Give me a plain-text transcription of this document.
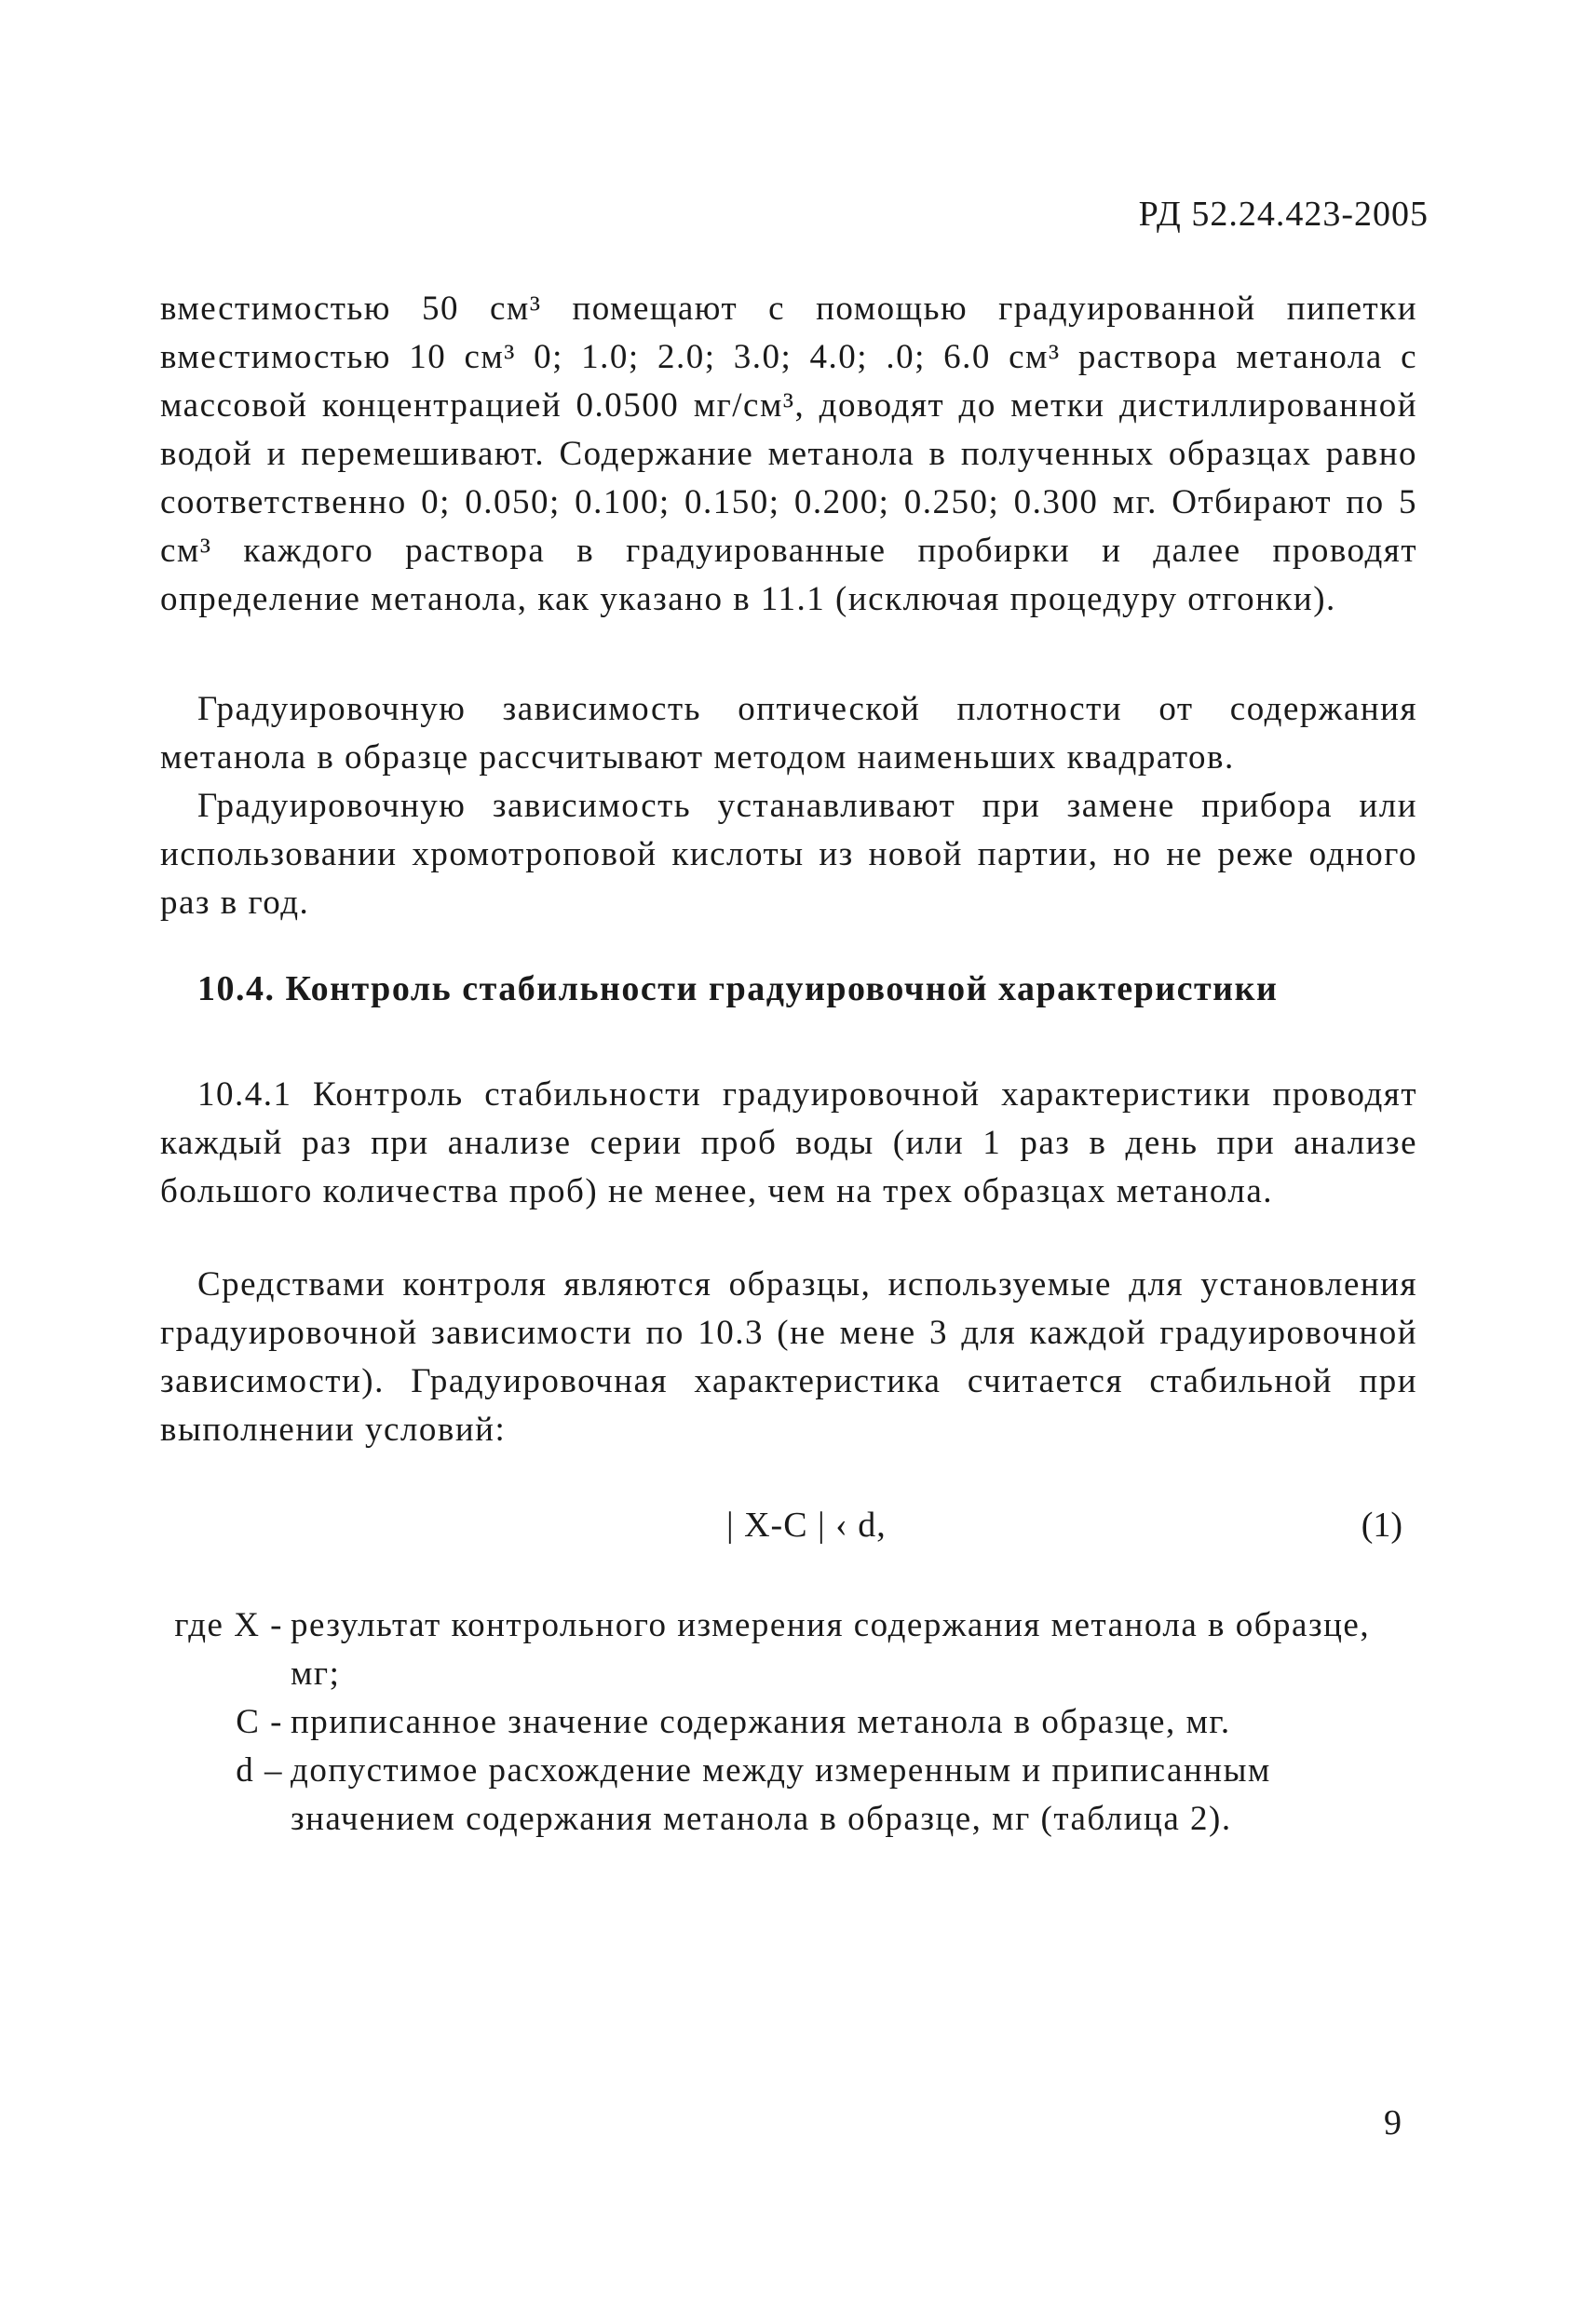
РД 52.24.423-2005

вместимостью 50 см³ помещают с помощью градуированной пипетки вместимостью 10 см³ 0; 1.0; 2.0; 3.0; 4.0; .0; 6.0 см³ раствора метанола с массовой концентрацией 0.0500 мг/см³, доводят до метки дистиллированной водой и перемешивают. Содержание метанола в полученных образцах равно соответственно 0; 0.050; 0.100; 0.150; 0.200; 0.250; 0.300 мг. Отбирают по 5 см³ каждого раствора в градуированные пробирки и далее проводят определение метанола, как указано в 11.1 (исключая процедуру отгонки).

Градуировочную зависимость оптической плотности от содержания метанола в образце рассчитывают методом наименьших квадратов.

Градуировочную зависимость устанавливают при замене прибора или использовании хромотроповой кислоты из новой партии, но не реже одного раз в год.

10.4. Контроль стабильности градуировочной характеристики

10.4.1 Контроль стабильности градуировочной характеристики проводят каждый раз при анализе серии проб воды (или 1 раз в день при анализе большого количества проб) не менее, чем на трех образцах метанола.

Средствами контроля являются образцы, используемые для установления градуировочной зависимости по 10.3 (не мене 3 для каждой градуировочной зависимости). Градуировочная характеристика считается стабильной при выполнении условий:

| X-C | ‹ d,	(1)
где X - результат контрольного измерения содержания метанола в образце, мг;
C - приписанное значение содержания метанола в образце, мг.
d – допустимое расхождение между измеренным и приписанным значением содержания метанола в образце, мг (таблица 2).
9
